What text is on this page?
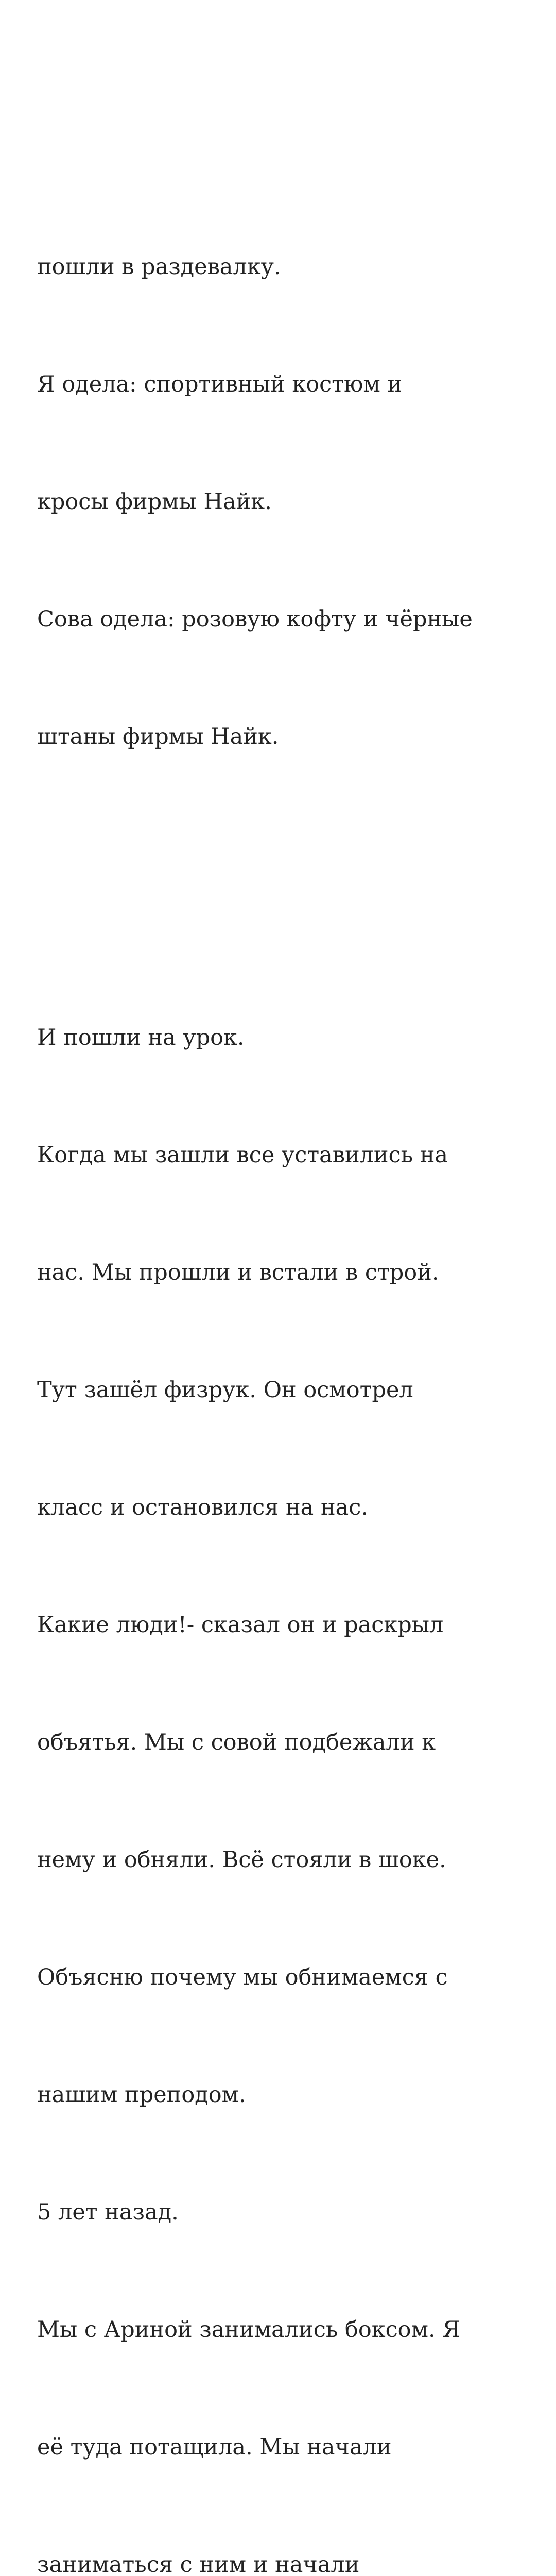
пошли в раздевалку.

Я одела: спортивный костюм и

кросы фирмы Найк.

Сова одела: розовую кофту и чёрные

штаны фирмы Найк.

И пошли на урок.

Когда мы зашли все уставились на

нас. Мы прошли и встали в строй.

Тут зашёл физрук. Он осмотрел

класс и остановился на нас.

Какие люди!- сказал он и раскрыл

объятья. Мы с совой подбежали к

нему и обняли. Всё стояли в шоке.

Объясню почему мы обнимаемся с

нашим преподом.

5 лет назад.

Мы с Ариной занимались боксом. Я

её туда потащила. Мы начали

заниматься с ним и начали
